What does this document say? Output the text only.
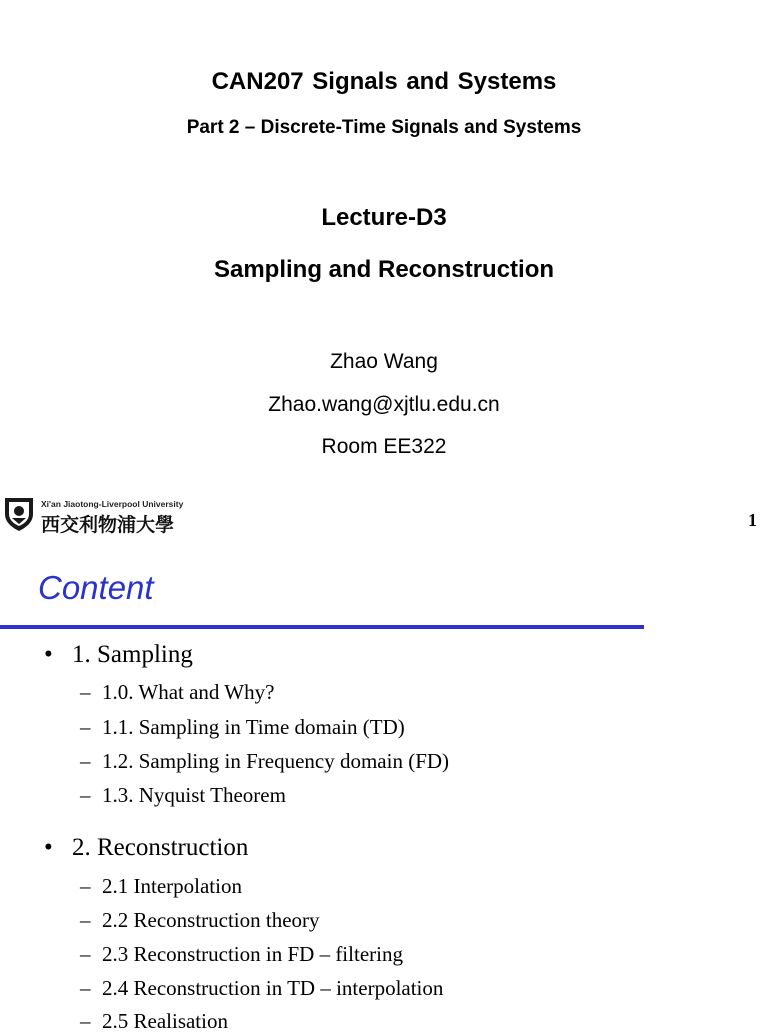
CAN207 Signals and Systems
Part 2 – Discrete-Time Signals and Systems
Lecture-D3
Sampling and Reconstruction
Zhao Wang
Zhao.wang@xjtlu.edu.cn
Room EE322
Xi'an Jiaotong-Liverpool University
西交利物浦大學	1
Content
• 1. Sampling
– 1.0. What and Why?
– 1.1. Sampling in Time domain (TD)
– 1.2. Sampling in Frequency domain (FD)
– 1.3. Nyquist Theorem
• 2. Reconstruction
– 2.1 Interpolation
– 2.2 Reconstruction theory
– 2.3 Reconstruction in FD – filtering
– 2.4 Reconstruction in TD – interpolation
– 2.5 Realisation
